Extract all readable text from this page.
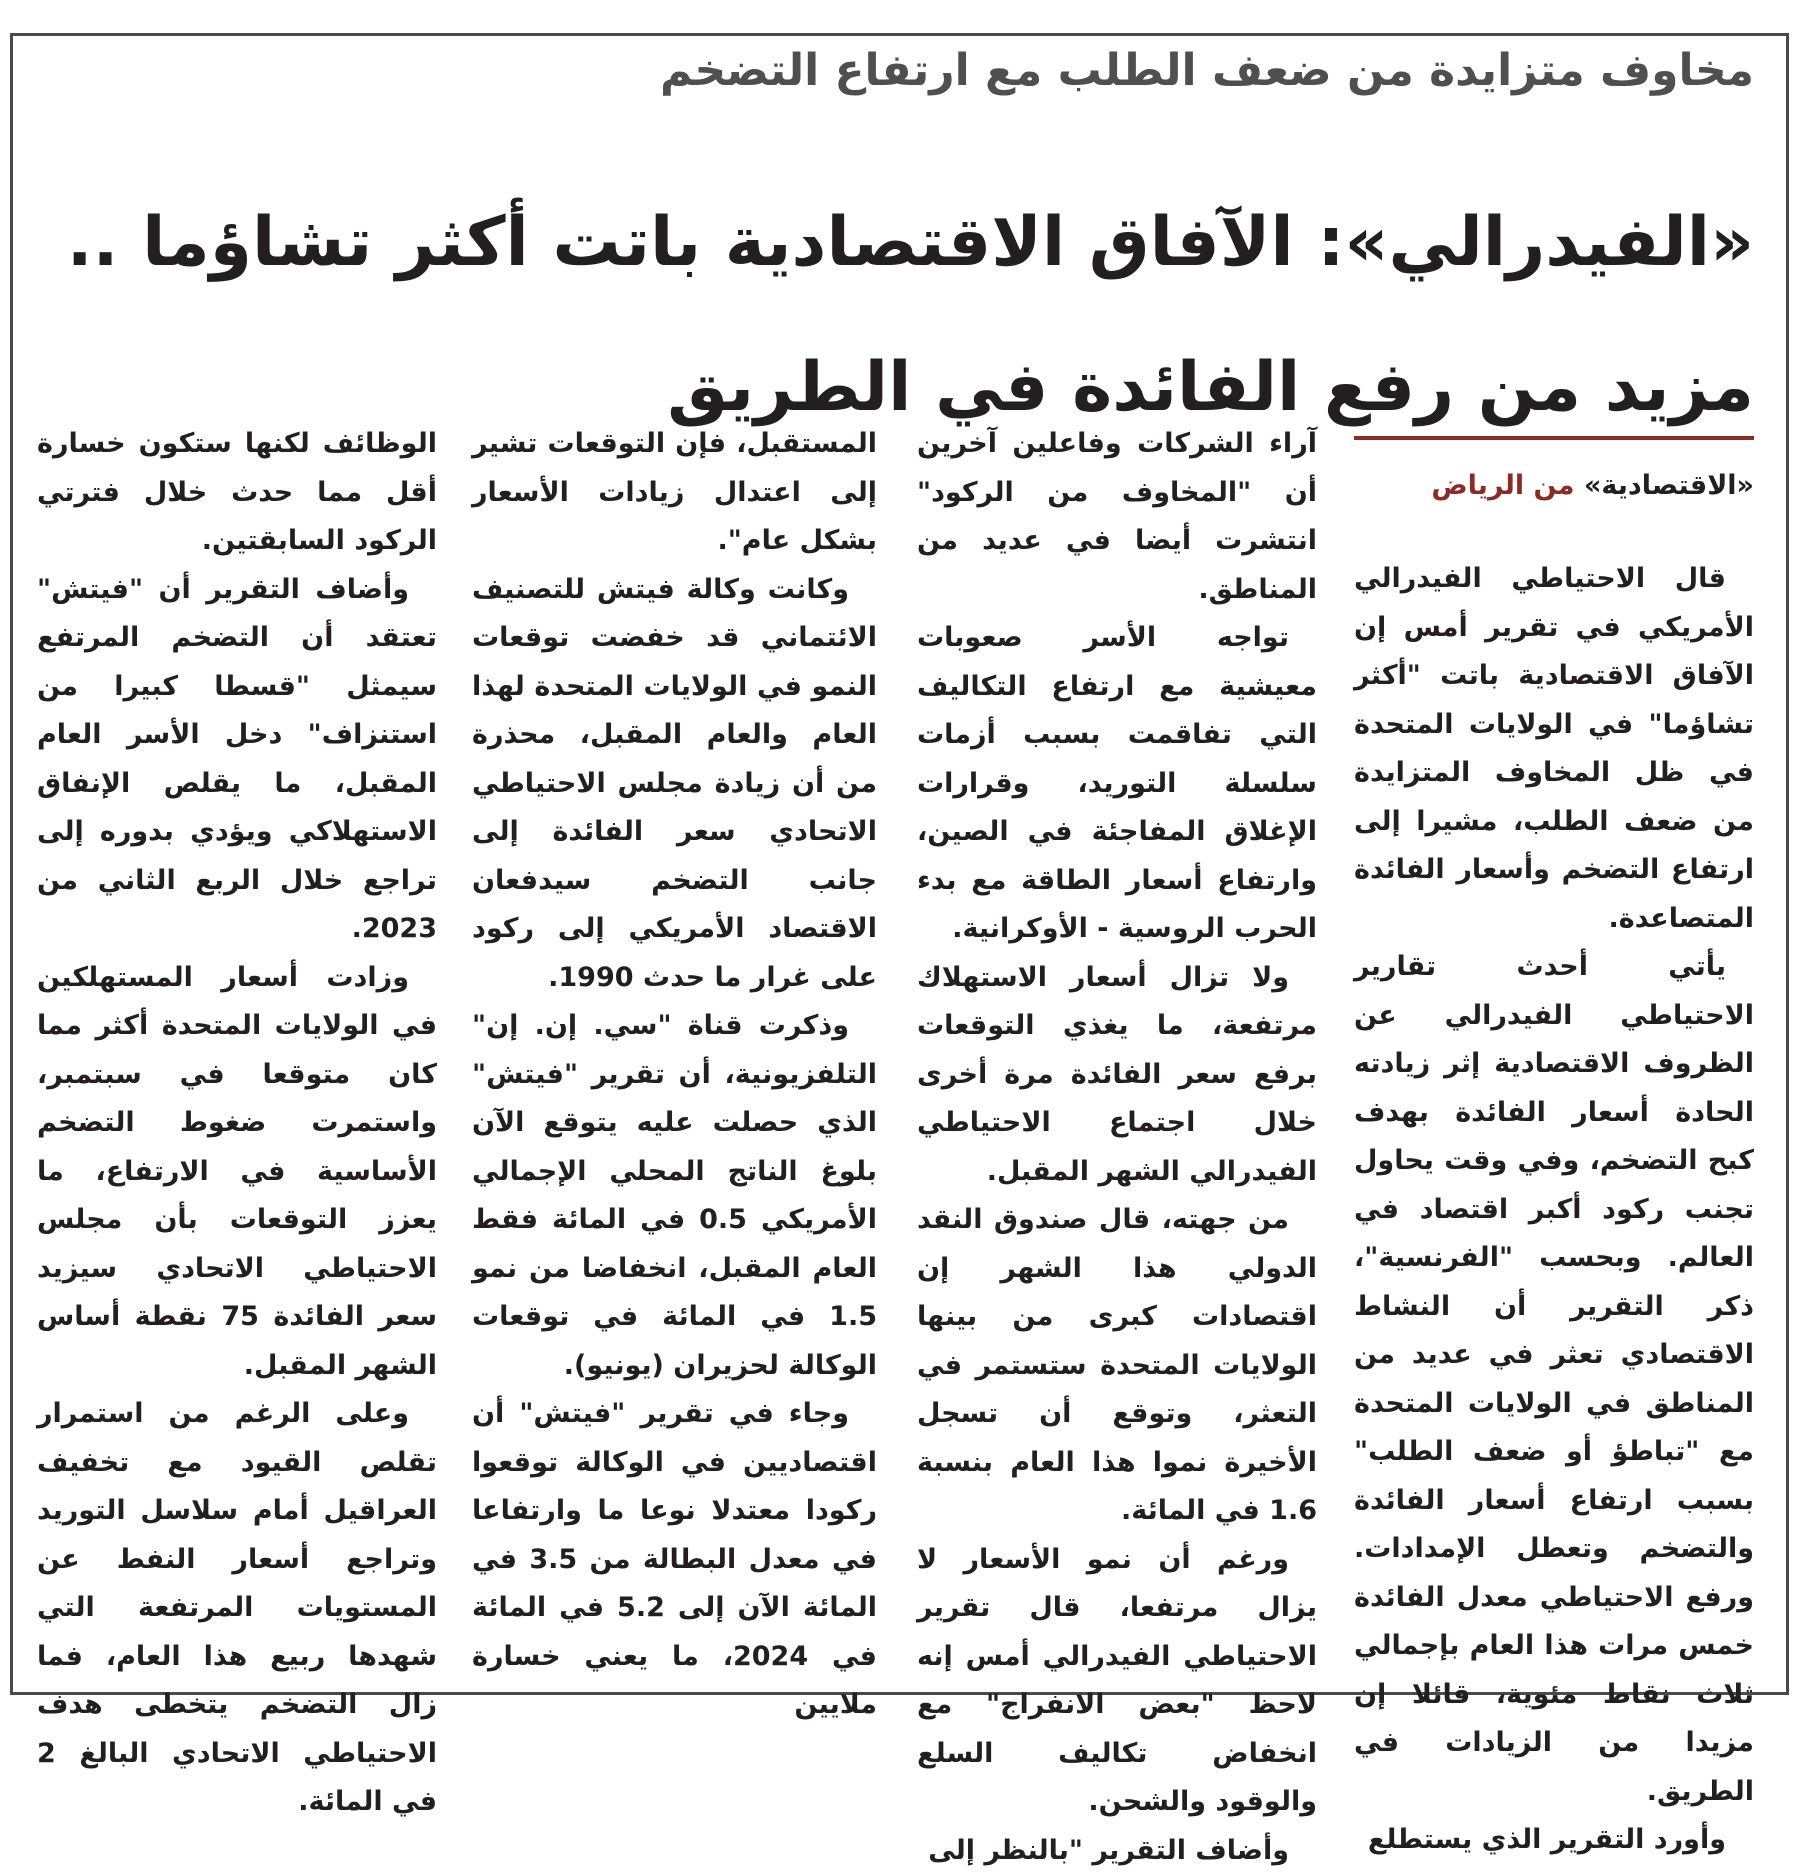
مخاوف متزايدة من ضعف الطلب مع ارتفاع التضخم
«الفيدرالي»: الآفاق الاقتصادية باتت أكثر تشاؤما ..
مزيد من رفع الفائدة في الطريق
«الاقتصادية» من الرياض

قال الاحتياطي الفيدرالي الأمريكي في تقرير أمس إن الآفاق الاقتصادية باتت "أكثر تشاؤما" في الولايات المتحدة في ظل المخاوف المتزايدة من ضعف الطلب، مشيرا إلى ارتفاع التضخم وأسعار الفائدة المتصاعدة.

يأتي أحدث تقارير الاحتياطي الفيدرالي عن الظروف الاقتصادية إثر زيادته الحادة أسعار الفائدة بهدف كبح التضخم، وفي وقت يحاول تجنب ركود أكبر اقتصاد في العالم. وبحسب "الفرنسية"، ذكر التقرير أن النشاط الاقتصادي تعثر في عديد من المناطق في الولايات المتحدة مع "تباطؤ أو ضعف الطلب" بسبب ارتفاع أسعار الفائدة والتضخم وتعطل الإمدادات. ورفع الاحتياطي معدل الفائدة خمس مرات هذا العام بإجمالي ثلاث نقاط مئوية، قائلا إن مزيدا من الزيادات في الطريق.

وأورد التقرير الذي يستطلع

آراء الشركات وفاعلين آخرين أن "المخاوف من الركود" انتشرت أيضا في عديد من المناطق.

تواجه الأسر صعوبات معيشية مع ارتفاع التكاليف التي تفاقمت بسبب أزمات سلسلة التوريد، وقرارات الإغلاق المفاجئة في الصين، وارتفاع أسعار الطاقة مع بدء الحرب الروسية - الأوكرانية.

ولا تزال أسعار الاستهلاك مرتفعة، ما يغذي التوقعات برفع سعر الفائدة مرة أخرى خلال اجتماع الاحتياطي الفيدرالي الشهر المقبل.

من جهته، قال صندوق النقد الدولي هذا الشهر إن اقتصادات كبرى من بينها الولايات المتحدة ستستمر في التعثر، وتوقع أن تسجل الأخيرة نموا هذا العام بنسبة 1.6 في المائة.

ورغم أن نمو الأسعار لا يزال مرتفعا، قال تقرير الاحتياطي الفيدرالي أمس إنه لاحظ "بعض الانفراج" مع انخفاض تكاليف السلع والوقود والشحن.

وأضاف التقرير "بالنظر إلى

المستقبل، فإن التوقعات تشير إلى اعتدال زيادات الأسعار بشكل عام".

وكانت وكالة فيتش للتصنيف الائتماني قد خفضت توقعات النمو في الولايات المتحدة لهذا العام والعام المقبل، محذرة من أن زيادة مجلس الاحتياطي الاتحادي سعر الفائدة إلى جانب التضخم سيدفعان الاقتصاد الأمريكي إلى ركود على غرار ما حدث 1990.

وذكرت قناة "سي. إن. إن" التلفزيونية، أن تقرير "فيتش" الذي حصلت عليه يتوقع الآن بلوغ الناتج المحلي الإجمالي الأمريكي 0.5 في المائة فقط العام المقبل، انخفاضا من نمو 1.5 في المائة في توقعات الوكالة لحزيران (يونيو).

وجاء في تقرير "فيتش" أن اقتصاديين في الوكالة توقعوا ركودا معتدلا نوعا ما وارتفاعا في معدل البطالة من 3.5 في المائة الآن إلى 5.2 في المائة في 2024، ما يعني خسارة ملايين

الوظائف لكنها ستكون خسارة أقل مما حدث خلال فترتي الركود السابقتين.

وأضاف التقرير أن "فيتش" تعتقد أن التضخم المرتفع سيمثل "قسطا كبيرا من استنزاف" دخل الأسر العام المقبل، ما يقلص الإنفاق الاستهلاكي ويؤدي بدوره إلى تراجع خلال الربع الثاني من 2023.

وزادت أسعار المستهلكين في الولايات المتحدة أكثر مما كان متوقعا في سبتمبر، واستمرت ضغوط التضخم الأساسية في الارتفاع، ما يعزز التوقعات بأن مجلس الاحتياطي الاتحادي سيزيد سعر الفائدة 75 نقطة أساس الشهر المقبل.

وعلى الرغم من استمرار تقلص القيود مع تخفيف العراقيل أمام سلاسل التوريد وتراجع أسعار النفط عن المستويات المرتفعة التي شهدها ربيع هذا العام، فما زال التضخم يتخطى هدف الاحتياطي الاتحادي البالغ 2 في المائة.
